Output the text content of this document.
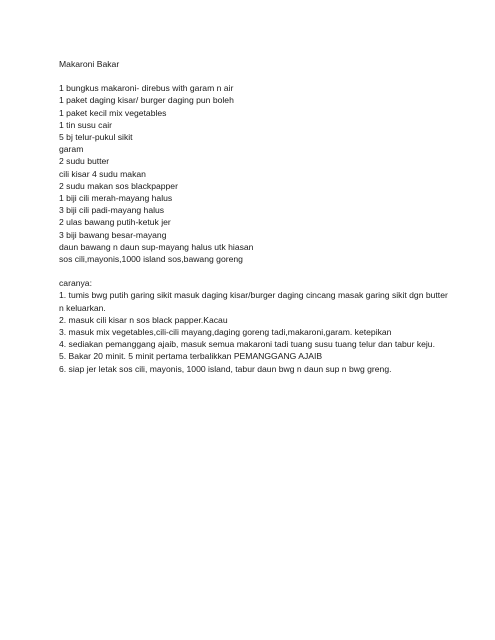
Makaroni Bakar
1 bungkus makaroni- direbus with garam n air
1 paket daging kisar/ burger daging pun boleh
1 paket kecil mix vegetables
1 tin susu cair
5 bj telur-pukul sikit
garam
2 sudu butter
cili kisar 4 sudu makan
2 sudu makan sos blackpapper
1 biji cili merah-mayang halus
3 biji cili padi-mayang halus
2 ulas bawang putih-ketuk jer
3 biji bawang besar-mayang
daun bawang n daun sup-mayang halus utk hiasan
sos cili,mayonis,1000 island sos,bawang goreng
caranya:
1. tumis bwg putih garing sikit masuk daging kisar/burger daging cincang masak garing sikit dgn butter n keluarkan.
2. masuk cili kisar n sos black papper.Kacau
3. masuk mix vegetables,cili-cili mayang,daging goreng tadi,makaroni,garam. ketepikan
4. sediakan pemanggang ajaib, masuk semua makaroni tadi tuang susu tuang telur dan tabur keju.
5. Bakar 20 minit. 5 minit pertama terbalikkan PEMANGGANG AJAIB
6. siap jer letak sos cili, mayonis, 1000 island, tabur daun bwg n daun sup n bwg greng.
